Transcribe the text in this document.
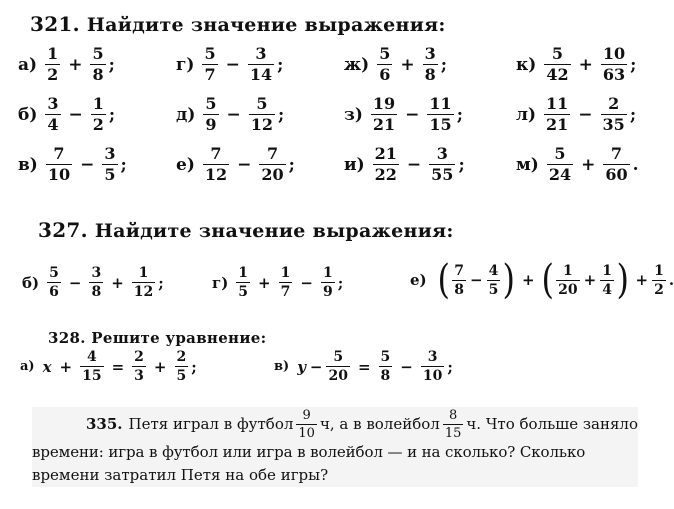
321. Найдите значение выражения:
$а) \frac{1}{2} + \frac{5}{8}$ ;	$г) \frac{5}{7} - \frac{3}{14}$ ;	$ж) \frac{5}{6} + \frac{3}{8}$ ;	$к) \frac{5}{42} + \frac{10}{63}$ ;
$б) \frac{3}{4} - \frac{1}{2}$ ;	$д) \frac{5}{9} - \frac{5}{12}$ ;	$з) \frac{19}{21} - \frac{11}{15}$ ;	$л) \frac{11}{21} - \frac{2}{35}$ ;
$в) \frac{7}{10} - \frac{3}{5}$ ;	$е) \frac{7}{12} - \frac{7}{20}$ ;	$и) \frac{21}{22} - \frac{3}{55}$ ;	$м) \frac{5}{24} + \frac{7}{60}$ .
327. Найдите значение выражения:
$б) \frac{5}{6} - \frac{3}{8} + \frac{1}{12}$ ;	$г) \frac{1}{5} + \frac{1}{7} - \frac{1}{9}$ ;	е) ( $\frac{7}{8} - \frac{4}{5}$ ) + ( $\frac{1}{20} + \frac{1}{4}$ ) + $\frac{1}{2}$ .
328. Решите уравнение:
а) $x + \frac{4}{15} = \frac{2}{3} + \frac{2}{5}$ ;	в) $y - \frac{5}{20} = \frac{5}{8} - \frac{3}{10}$ ;
335. Петя играл в футбол $\frac{9}{10} ч$, а в волейбол $\frac{8}{15} ч$. Что больше заняло
времени: игра в футбол или игра в волейбол — и на сколько? Сколько
времени затратил Петя на обе игры?
